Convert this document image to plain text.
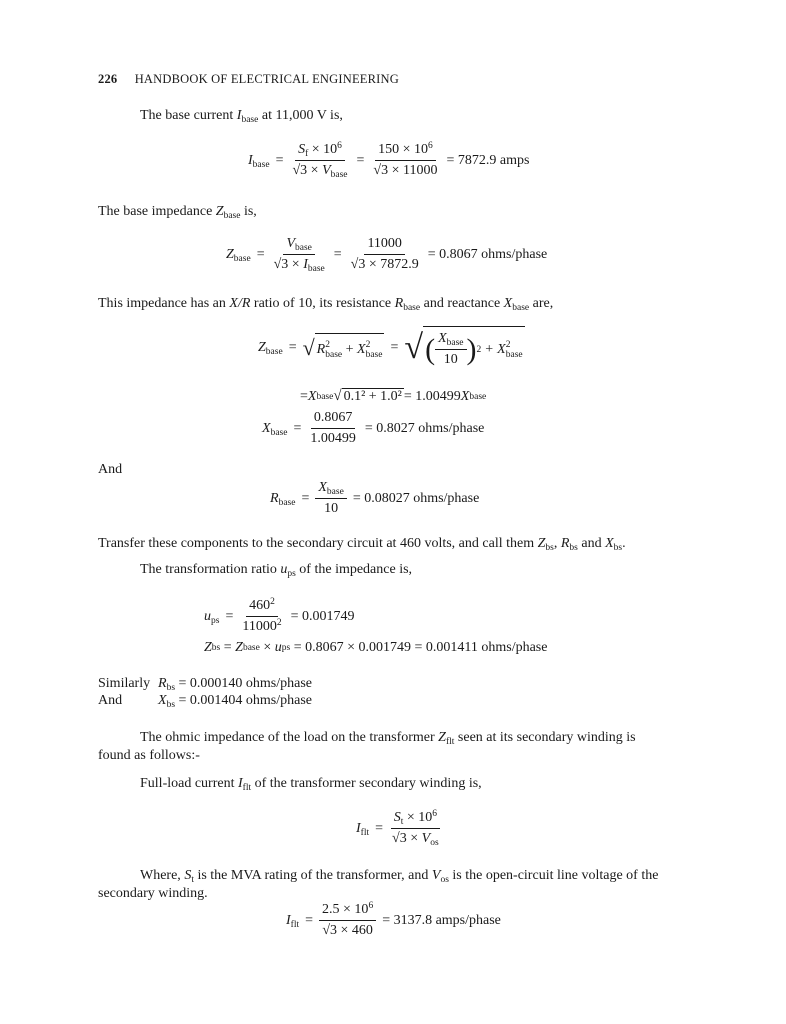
226 HANDBOOK OF ELECTRICAL ENGINEERING
The base current $I_{base}$ at 11,000 V is,
$I_{base} = \frac{S_f \times 10^6}{√3 \times V_{base}} = \frac{150 \times 10^6}{√3 \times 11000} = 7872.9$ amps
The base impedance $Z_{base}$ is,
$Z_{base} = \frac{V_{base}}{√3 \times I_{base}} = \frac{11000}{√3 \times 7872.9} = 0.8067$ ohms/phase
This impedance has an X/R ratio of 10, its resistance $R_{base}$ and reactance $X_{base}$ are,
$Z_{base}$ = √ R 2
base + X 2
base = √ ( $\frac{X_{base}}{10}$ ) 2 + X 2
base
= X base √ 0.1² + 1.0² = 1.00499 X base
$X_{base} = \frac{0.8067}{1.00499} = 0.8027$ ohms/phase
And
$R_{base} = \frac{X_{base}}{10} = 0.08027$ ohms/phase
Transfer these components to the secondary circuit at 460 volts, and call them $Z_{bs}$, $R_{bs}$ and $X_{bs}$.
The transformation ratio $u_{ps}$ of the impedance is,
$u_{ps} = \frac{460^2}{11000^2} = 0.001749$
Z bs = Z base × u ps = 0.8067 × 0.001749 = 0.001411 ohms/phase
Similarly $R_{bs} = 0.000140$ ohms/phase
And	$X_{bs} = 0.001404$ ohms/phase
The ohmic impedance of the load on the transformer $Z_{flt}$ seen at its secondary winding is
found as follows:-
Full-load current $I_{flt}$ of the transformer secondary winding is,
$I_{flt} = \frac{S_t \times 10^6}{√3 \times V_{os}}$
Where, $S_t$ is the MVA rating of the transformer, and $V_{os}$ is the open-circuit line voltage of the
secondary winding.
$I_{flt} = \frac{2.5 \times 10^6}{√3 \times 460} = 3137.8$ amps/phase
